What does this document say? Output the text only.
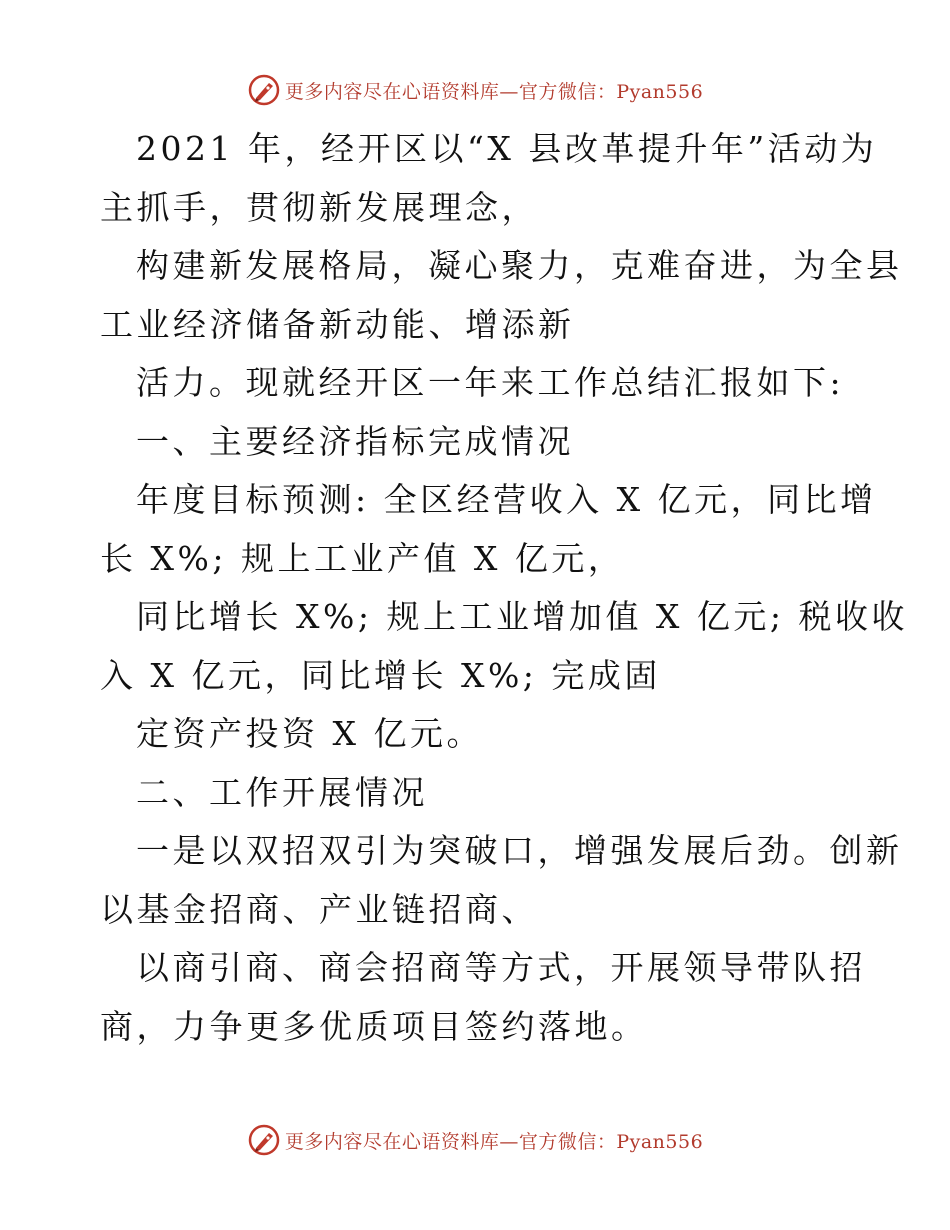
更多内容尽在心语资料库—官方微信：Pyan556
2021 年，经开区以“X 县改革提升年”活动为
主抓手，贯彻新发展理念，
构建新发展格局，凝心聚力，克难奋进，为全县
工业经济储备新动能、增添新
活力。现就经开区一年来工作总结汇报如下:
一、主要经济指标完成情况
年度目标预测: 全区经营收入 X 亿元，同比增
长 X%; 规上工业产值 X 亿元，
同比增长 X%; 规上工业增加值 X 亿元; 税收收
入 X 亿元，同比增长 X%; 完成固
定资产投资 X 亿元。
二、工作开展情况
一是以双招双引为突破口，增强发展后劲。创新
以基金招商、产业链招商、
以商引商、商会招商等方式，开展领导带队招
商，力争更多优质项目签约落地。
更多内容尽在心语资料库—官方微信：Pyan556
